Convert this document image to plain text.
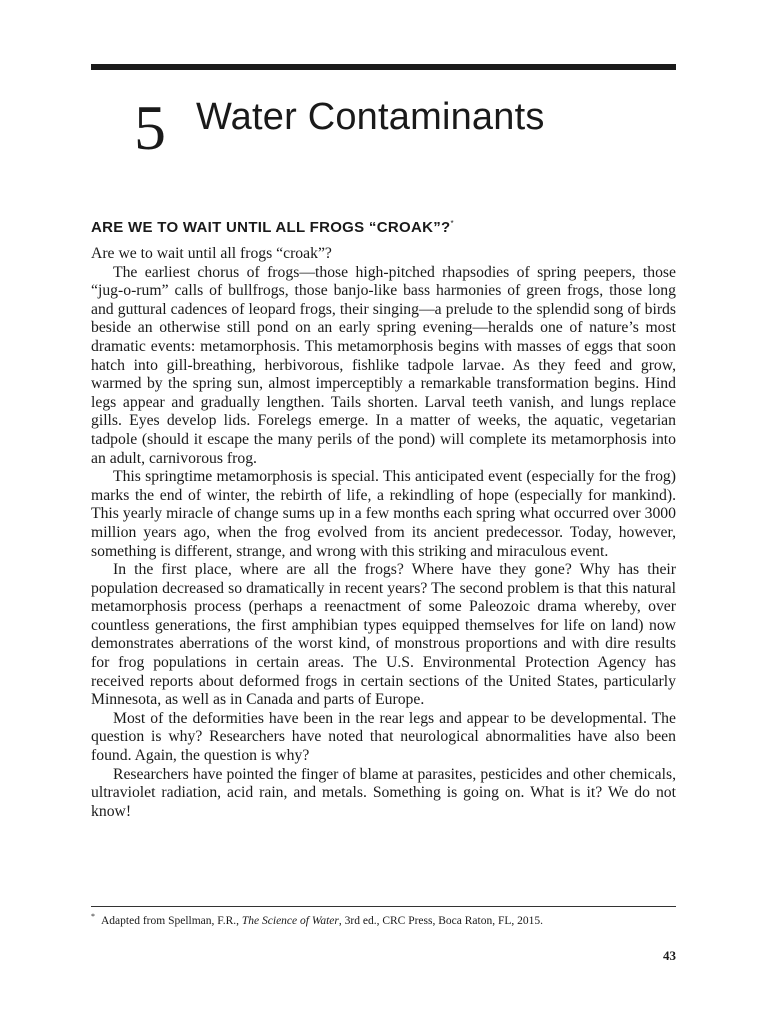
5 Water Contaminants
ARE WE TO WAIT UNTIL ALL FROGS “CROAK”?*

Are we to wait until all frogs “croak”?

The earliest chorus of frogs—those high-pitched rhapsodies of spring peepers, those “jug-o-rum” calls of bullfrogs, those banjo-like bass harmonies of green frogs, those long and guttural cadences of leopard frogs, their singing—a prelude to the splendid song of birds beside an otherwise still pond on an early spring evening—heralds one of nature’s most dramatic events: metamorphosis. This metamorphosis begins with masses of eggs that soon hatch into gill-breathing, herbivorous, fishlike tadpole larvae. As they feed and grow, warmed by the spring sun, almost imperceptibly a remarkable transformation begins. Hind legs appear and gradually lengthen. Tails shorten. Larval teeth vanish, and lungs replace gills. Eyes develop lids. Forelegs emerge. In a matter of weeks, the aquatic, vegetarian tadpole (should it escape the many perils of the pond) will complete its metamorphosis into an adult, carnivorous frog.

This springtime metamorphosis is special. This anticipated event (especially for the frog) marks the end of winter, the rebirth of life, a rekindling of hope (especially for mankind). This yearly miracle of change sums up in a few months each spring what occurred over 3000 million years ago, when the frog evolved from its ancient predecessor. Today, however, something is different, strange, and wrong with this striking and miraculous event.

In the first place, where are all the frogs? Where have they gone? Why has their population decreased so dramatically in recent years? The second problem is that this natural metamorphosis process (perhaps a reenactment of some Paleozoic drama whereby, over countless generations, the first amphibian types equipped themselves for life on land) now demonstrates aberrations of the worst kind, of monstrous proportions and with dire results for frog populations in certain areas. The U.S. Environmental Protection Agency has received reports about deformed frogs in certain sections of the United States, particularly Minnesota, as well as in Canada and parts of Europe.

Most of the deformities have been in the rear legs and appear to be developmental. The question is why? Researchers have noted that neurological abnormalities have also been found. Again, the question is why?

Researchers have pointed the finger of blame at parasites, pesticides and other chemicals, ultraviolet radiation, acid rain, and metals. Something is going on. What is it? We do not know!

* Adapted from Spellman, F.R., The Science of Water, 3rd ed., CRC Press, Boca Raton, FL, 2015.

43
